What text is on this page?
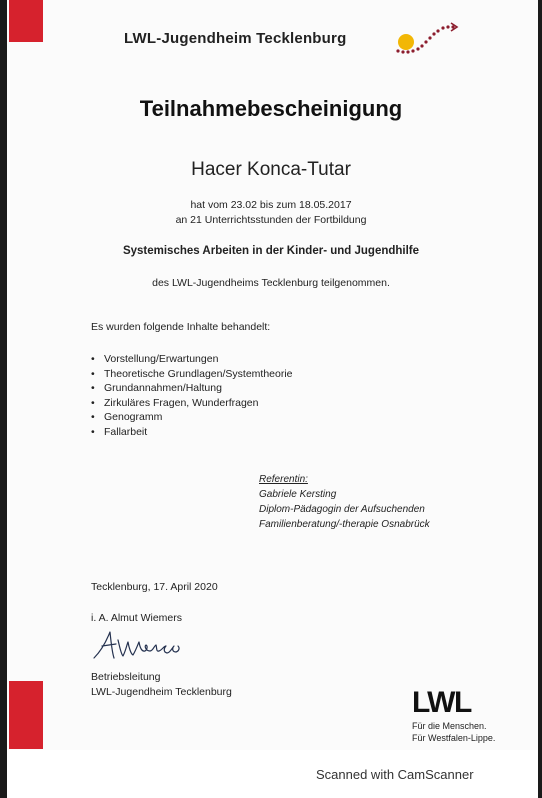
LWL-Jugendheim Tecklenburg
Teilnahmebescheinigung
Hacer Konca-Tutar
hat vom 23.02 bis zum 18.05.2017
an 21 Unterrichtsstunden der Fortbildung
Systemisches Arbeiten in der Kinder- und Jugendhilfe
des LWL-Jugendheims Tecklenburg teilgenommen.
Es wurden folgende Inhalte behandelt:
• Vorstellung/Erwartungen
• Theoretische Grundlagen/Systemtheorie
• Grundannahmen/Haltung
• Zirkuläres Fragen, Wunderfragen
• Genogramm
• Fallarbeit
Referentin:
Gabriele Kersting
Diplom-Pädagogin der Aufsuchenden
Familienberatung/-therapie Osnabrück
Tecklenburg, 17. April 2020
i. A. Almut Wiemers
Betriebsleitung
LWL-Jugendheim Tecklenburg	LWL
Für die Menschen.
Für Westfalen-Lippe.
Scanned with CamScanner
